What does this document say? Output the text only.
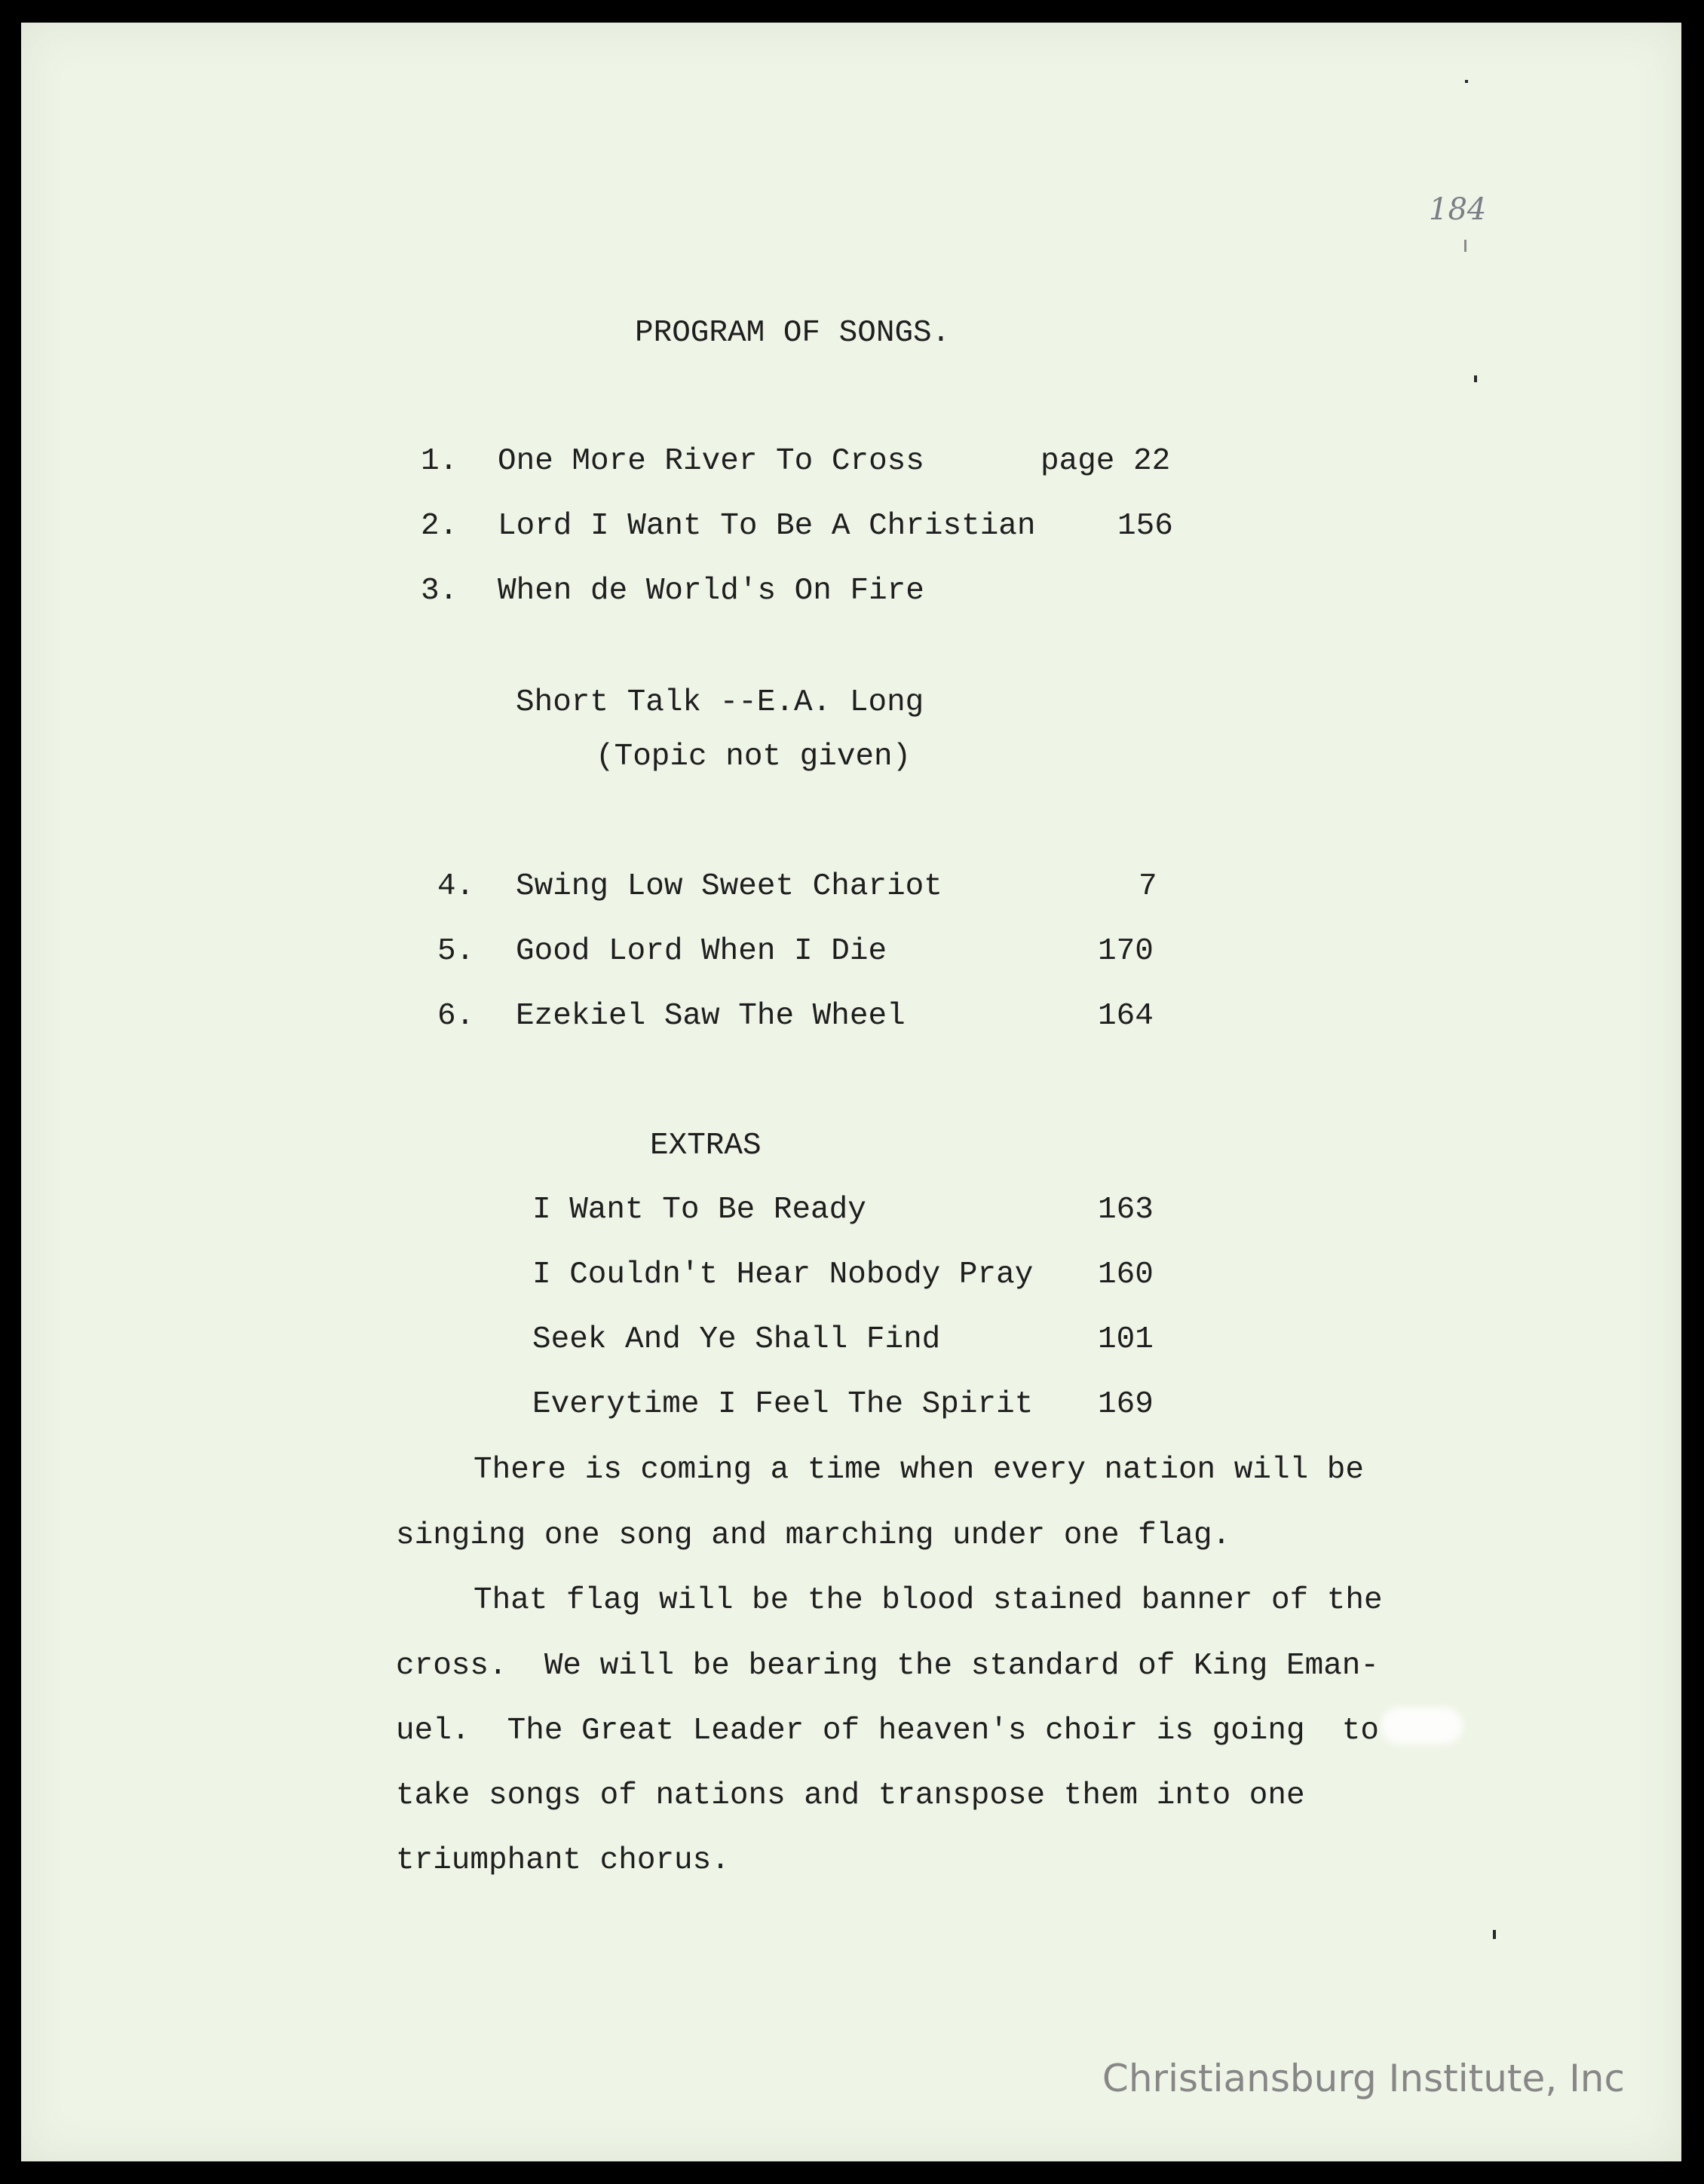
184
PROGRAM OF SONGS.
1. One More River To Cross	page 22
2. Lord I Want To Be A Christian	156
3. When de World's On Fire
Short Talk --E.A. Long
(Topic not given)
4. Swing Low Sweet Chariot	7
5. Good Lord When I Die	170
6. Ezekiel Saw The Wheel	164
EXTRAS
I Want To Be Ready	163
I Couldn't Hear Nobody Pray 160
Seek And Ye Shall Find	101
Everytime I Feel The Spirit 169
There is coming a time when every nation will be
singing one song and marching under one flag.
That flag will be the blood stained banner of the
cross.  We will be bearing the standard of King Eman-
uel.  The Great Leader of heaven's choir is going  to
take songs of nations and transpose them into one
triumphant chorus.
Christiansburg Institute, Inc
